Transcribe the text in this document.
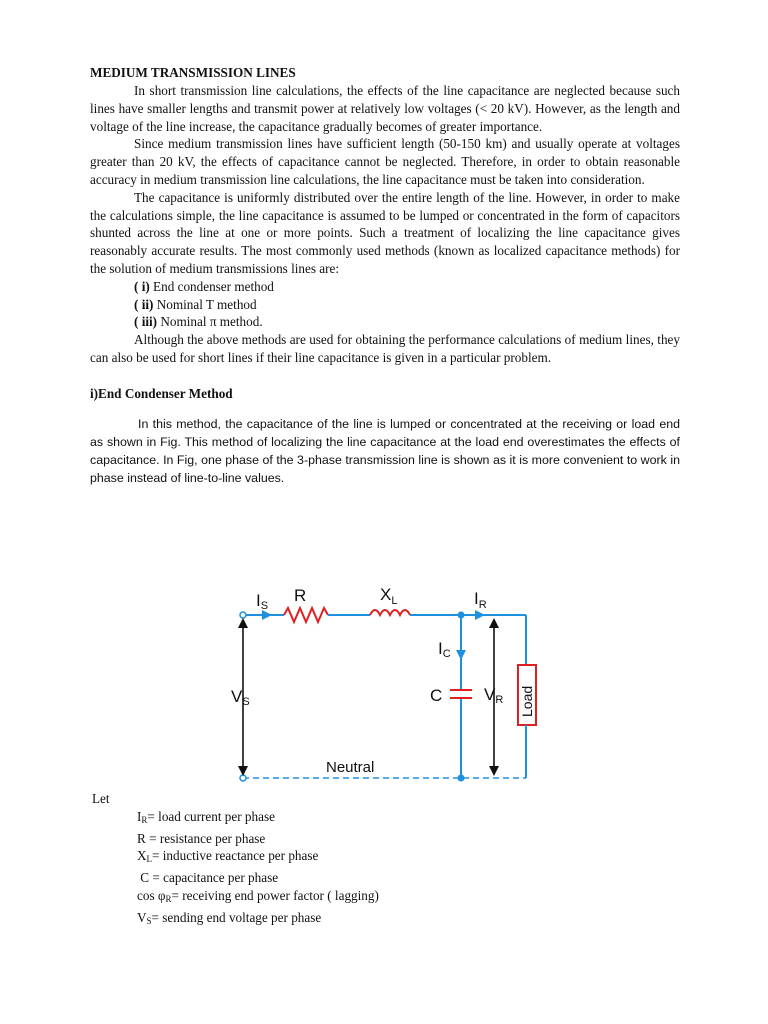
MEDIUM TRANSMISSION LINES

In short transmission line calculations, the effects of the line capacitance are neglected because such lines have smaller lengths and transmit power at relatively low voltages (< 20 kV). However, as the length and voltage of the line increase, the capacitance gradually becomes of greater importance.

Since medium transmission lines have sufficient length (50-150 km) and usually operate at voltages greater than 20 kV, the effects of capacitance cannot be neglected. Therefore, in order to obtain reasonable accuracy in medium transmission line calculations, the line capacitance must be taken into consideration.

The capacitance is uniformly distributed over the entire length of the line. However, in order to make the calculations simple, the line capacitance is assumed to be lumped or concentrated in the form of capacitors shunted across the line at one or more points. Such a treatment of localizing the line capacitance gives reasonably accurate results. The most commonly used methods (known as localized capacitance methods) for the solution of medium transmissions lines are:

( i) End condenser method
( ii) Nominal T method
( iii) Nominal π method.

Although the above methods are used for obtaining the performance calculations of medium lines, they can also be used for short lines if their line capacitance is given in a particular problem.

i)End Condenser Method

In this method, the capacitance of the line is lumped or concentrated at the receiving or load end as shown in Fig. This method of localizing the line capacitance at the load end overestimates the effects of capacitance. In Fig, one phase of the 3-phase transmission line is shown as it is more convenient to work in phase instead of line-to-line values.

IS
R	$X_L$	$I_R$
IC
VS	C VR Load
Neutral
Let
$I_R=$ load current per phase
R = resistance per phase
$X_L=$ inductive reactance per phase
C = capacitance per phase
$\cos \varphi_R=$ receiving end power factor ( lagging)
$V_S=$ sending end voltage per phase
